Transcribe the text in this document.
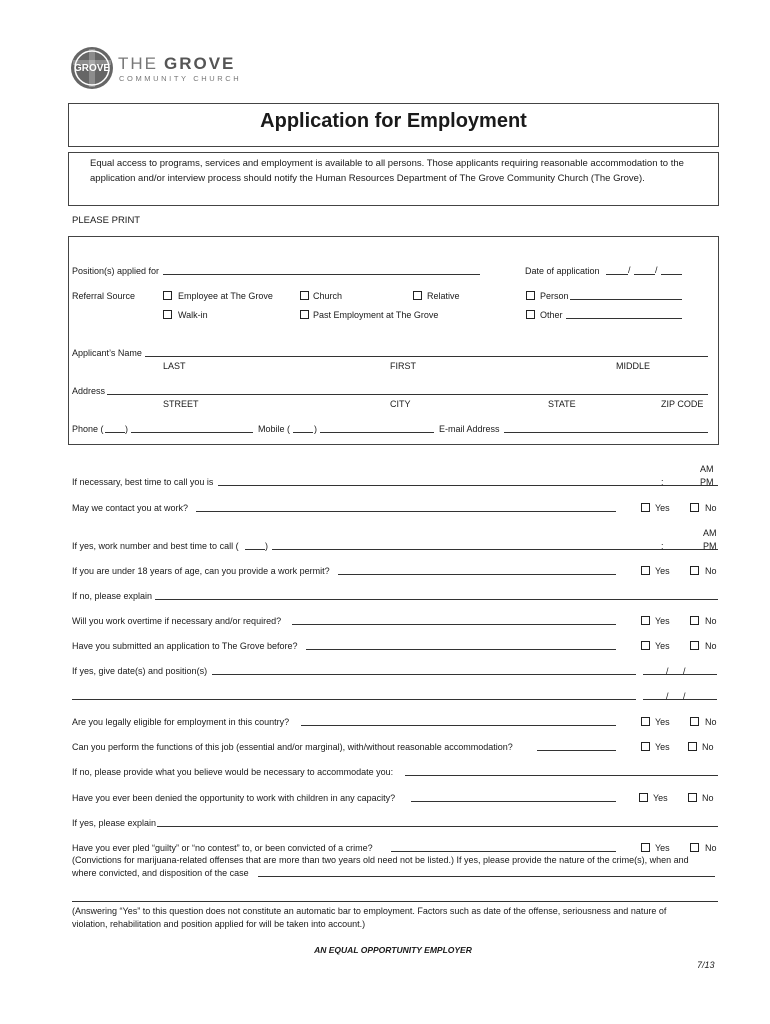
GROVE THE GROVE
COMMUNITY CHURCH
Application for Employment
Equal access to programs, services and employment is available to all persons. Those applicants requiring reasonable accommodation to the application and/or interview process should notify the Human Resources Department of The Grove Community Church (The Grove).
PLEASE PRINT
Position(s) applied for	Date of application	/	/
Referral Source	Employee at The Grove	Church	Relative	Person
Walk-in	Past Employment at The Grove	Other
Applicant’s Name
LAST	FIRST	MIDDLE
Address
STREET	CITY	STATE	ZIP CODE
Phone ( )	Mobile (	)	E-mail Address
AM
If necessary, best time to call you is	:	PM
May we contact you at work?	Yes	No
AM
If yes, work number and best time to call (	)	:	PM
If you are under 18 years of age, can you provide a work permit?	Yes	No
If no, please explain
Will you work overtime if necessary and/or required?	Yes	No
Have you submitted an application to The Grove before?	Yes	No
If yes, give date(s) and position(s)	/ /
/ /
Are you legally eligible for employment in this country?	Yes	No
Can you perform the functions of this job (essential and/or marginal), with/without reasonable accommodation?	Yes	No
If no, please provide what you believe would be necessary to accommodate you:
Have you ever been denied the opportunity to work with children in any capacity?	Yes	No
If yes, please explain
Have you ever pled “guilty” or “no contest” to, or been convicted of a crime?	Yes	No
(Convictions for marijuana-related offenses that are more than two years old need not be listed.) If yes, please provide the nature of the crime(s), when and
where convicted, and disposition of the case
(Answering “Yes” to this question does not constitute an automatic bar to employment. Factors such as date of the offense, seriousness and nature of
violation, rehabilitation and position applied for will be taken into account.)
AN EQUAL OPPORTUNITY EMPLOYER
7/13
